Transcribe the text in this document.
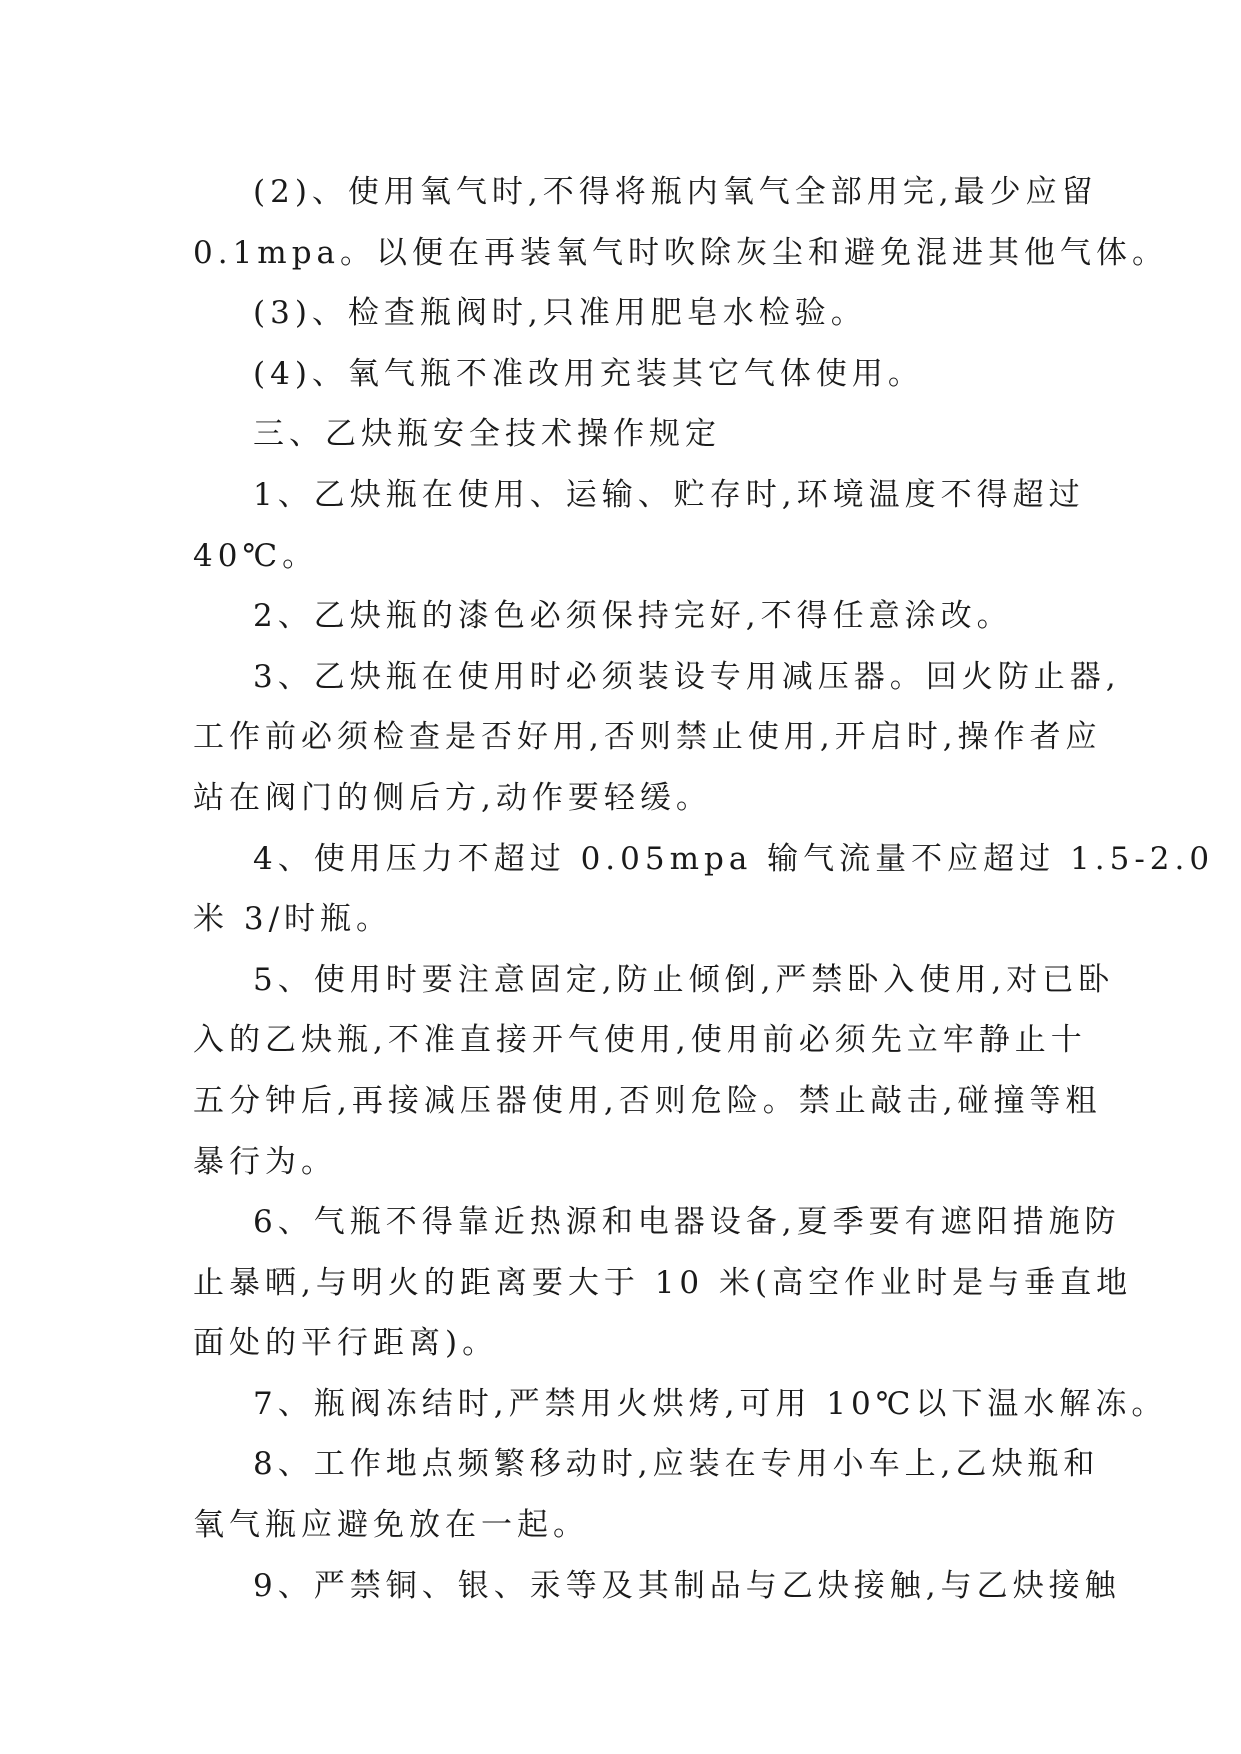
(2)、使用氧气时,不得将瓶内氧气全部用完,最少应留
0.1mpa。以便在再装氧气时吹除灰尘和避免混进其他气体。
(3)、检查瓶阀时,只准用肥皂水检验。
(4)、氧气瓶不准改用充装其它气体使用。
三、乙炔瓶安全技术操作规定
1、乙炔瓶在使用、运输、贮存时,环境温度不得超过
40℃。
2、乙炔瓶的漆色必须保持完好,不得任意涂改。
3、乙炔瓶在使用时必须装设专用减压器。回火防止器,
工作前必须检查是否好用,否则禁止使用,开启时,操作者应
站在阀门的侧后方,动作要轻缓。
4、使用压力不超过 0.05mpa 输气流量不应超过 1.5-2.0
米 3/时瓶。
5、使用时要注意固定,防止倾倒,严禁卧入使用,对已卧
入的乙炔瓶,不准直接开气使用,使用前必须先立牢静止十
五分钟后,再接减压器使用,否则危险。禁止敲击,碰撞等粗
暴行为。
6、气瓶不得靠近热源和电器设备,夏季要有遮阳措施防
止暴晒,与明火的距离要大于 10 米(高空作业时是与垂直地
面处的平行距离)。
7、瓶阀冻结时,严禁用火烘烤,可用 10℃以下温水解冻。
8、工作地点频繁移动时,应装在专用小车上,乙炔瓶和
氧气瓶应避免放在一起。
9、严禁铜、银、汞等及其制品与乙炔接触,与乙炔接触
